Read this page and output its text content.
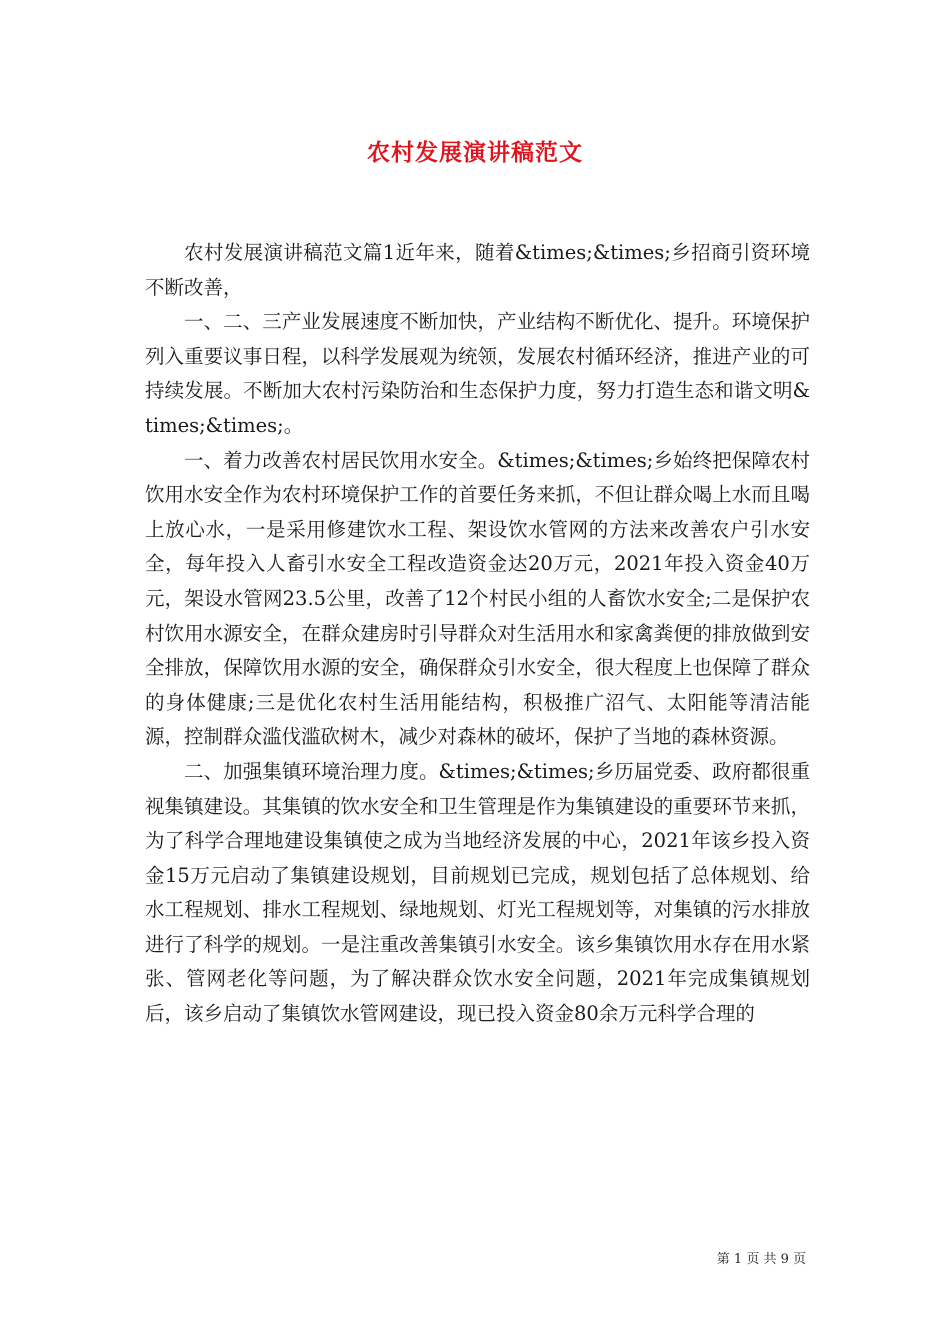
农村发展演讲稿范文

农村发展演讲稿范文篇1近年来，随着&times;&times;乡招商引资环境不断改善，

一、二、三产业发展速度不断加快，产业结构不断优化、提升。环境保护列入重要议事日程，以科学发展观为统领，发展农村循环经济，推进产业的可持续发展。不断加大农村污染防治和生态保护力度，努力打造生态和谐文明&times;&times;。

一、着力改善农村居民饮用水安全。&times;&times;乡始终把保障农村饮用水安全作为农村环境保护工作的首要任务来抓，不但让群众喝上水而且喝上放心水，一是采用修建饮水工程、架设饮水管网的方法来改善农户引水安全，每年投入人畜引水安全工程改造资金达20万元，2021年投入资金40万元，架设水管网23.5公里，改善了12个村民小组的人畜饮水安全;二是保护农村饮用水源安全，在群众建房时引导群众对生活用水和家禽粪便的排放做到安全排放，保障饮用水源的安全，确保群众引水安全，很大程度上也保障了群众的身体健康;三是优化农村生活用能结构，积极推广沼气、太阳能等清洁能源，控制群众滥伐滥砍树木，减少对森林的破坏，保护了当地的森林资源。

二、加强集镇环境治理力度。&times;&times;乡历届党委、政府都很重视集镇建设。其集镇的饮水安全和卫生管理是作为集镇建设的重要环节来抓，为了科学合理地建设集镇使之成为当地经济发展的中心，2021年该乡投入资金15万元启动了集镇建设规划，目前规划已完成，规划包括了总体规划、给水工程规划、排水工程规划、绿地规划、灯光工程规划等，对集镇的污水排放进行了科学的规划。一是注重改善集镇引水安全。该乡集镇饮用水存在用水紧张、管网老化等问题，为了解决群众饮水安全问题，2021年完成集镇规划后，该乡启动了集镇饮水管网建设，现已投入资金80余万元科学合理的

第 1 页 共 9 页
